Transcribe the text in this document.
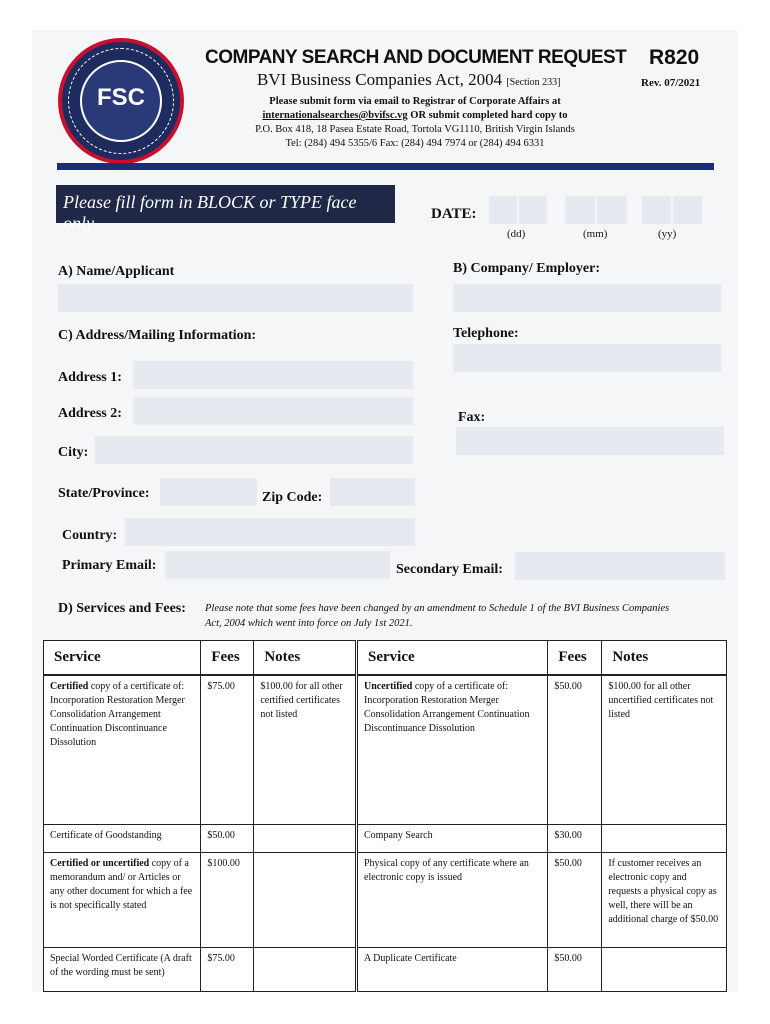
FSC
COMPANY SEARCH AND DOCUMENT REQUEST R820
BVI Business Companies Act, 2004 [Section 233]	Rev. 07/2021
Please submit form via email to Registrar of Corporate Affairs at
internationalsearches@bvifsc.vg OR submit completed hard copy to
P.O. Box 418, 18 Pasea Estate Road, Tortola VG1110, British Virgin Islands
Tel: (284) 494 5355/6 Fax: (284) 494 7974 or (284) 494 6331
Please fill form in BLOCK or TYPE face only.	DATE:
(dd)	(mm)	(yy)
A) Name/Applicant	B) Company/ Employer:
C) Address/Mailing Information:	Telephone:
Address 1:
Address 2:	Fax:
City:
State/Province:	Zip Code:
Country:
Primary Email:	Secondary Email:
D) Services and Fees: Please note that some fees have been changed by an amendment to Schedule 1 of the BVI Business Companies Act, 2004 which went into force on July 1st 2021.
Service	Fees	Notes
Certified copy of a certificate of: Incorporation Restoration Merger Consolidation Arrangement Continuation Discontinuance Dissolution	$75.00	$100.00 for all other certified certificates not listed
Certificate of Goodstanding	$50.00	
Certified or uncertified copy of a memorandum and/ or Articles or any other document for which a fee is not specifically stated	$100.00	
Special Worded Certificate (A draft of the wording must be sent)	$75.00	
Service	Fees	Notes
Uncertified copy of a certificate of: Incorporation Restoration Merger Consolidation Arrangement Continuation Discontinuance Dissolution	$50.00	$100.00 for all other uncertified certificates not listed
Company Search	$30.00	
Physical copy of any certificate where an electronic copy is issued	$50.00	If customer receives an electronic copy and requests a physical copy as well, there will be an additional charge of $50.00
A Duplicate Certificate	$50.00	
